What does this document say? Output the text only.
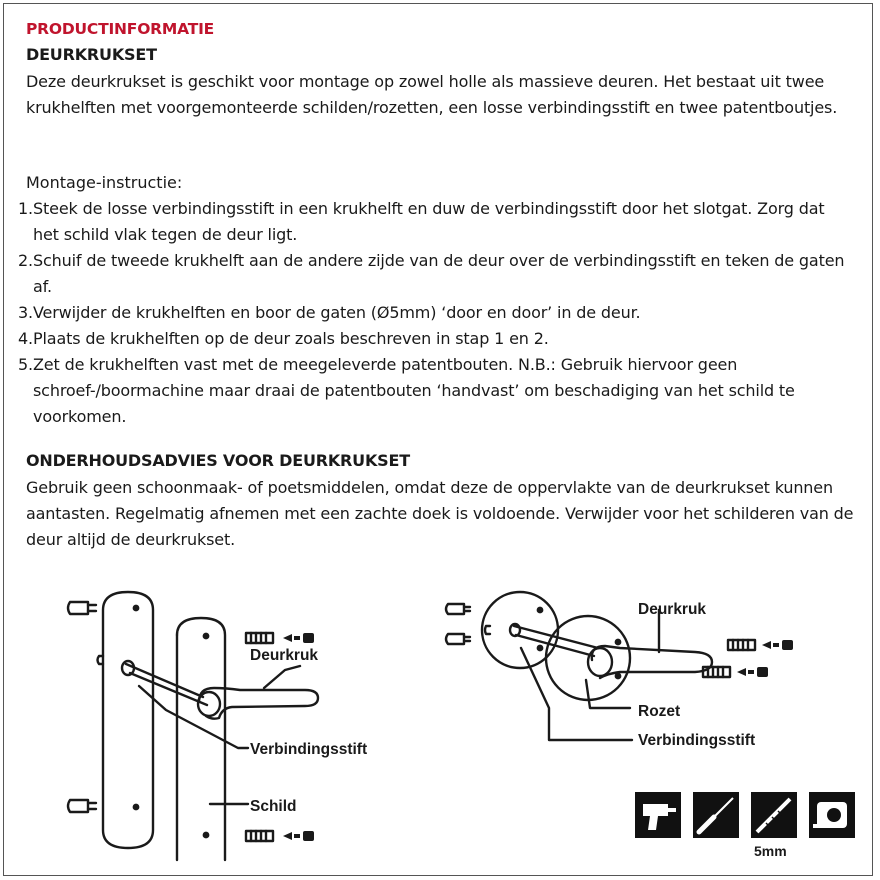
PRODUCTINFORMATIE
DEURKRUKSET
Deze deurkrukset is geschikt voor montage op zowel holle als massieve deuren. Het bestaat uit twee krukhelften met voorgemonteerde schilden/rozetten, een losse verbindingsstift en twee patentboutjes.
Montage-instructie:
1. Steek de losse verbindingsstift in een krukhelft en duw de verbindingsstift door het slotgat. Zorg dat het schild vlak tegen de deur ligt.
2. Schuif de tweede krukhelft aan de andere zijde van de deur over de verbindingsstift en teken de gaten af.
3. Verwijder de krukhelften en boor de gaten (Ø5mm) ‘door en door’ in de deur.
4. Plaats de krukhelften op de deur zoals beschreven in stap 1 en 2.
5. Zet de krukhelften vast met de meegeleverde patentbouten. N.B.: Gebruik hiervoor geen schroef-/boormachine maar draai de patentbouten ‘handvast’ om beschadiging van het schild te voorkomen.
ONDERHOUDSADVIES VOOR DEURKRUKSET
Gebruik geen schoonmaak- of poetsmiddelen, omdat deze de oppervlakte van de deurkrukset kunnen aantasten. Regelmatig afnemen met een zachte doek is voldoende. Verwijder voor het schilderen van de deur altijd de deurkrukset.
Deurkruk
Verbindingsstift
Schild
Deurkruk
Rozet
Verbindingsstift
5mm
